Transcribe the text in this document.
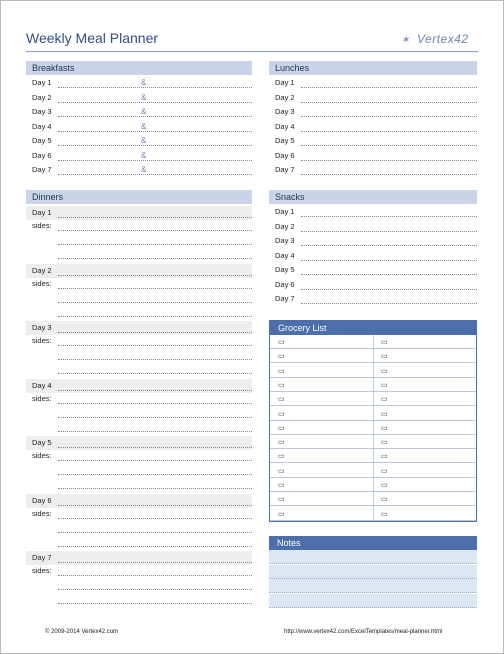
Weekly Meal Planner	✶ Vertex42
Breakfasts
Day 1	&
Day 2	&
Day 3	&
Day 4	&
Day 5	&
Day 6	&
Day 7	&
Lunches
Day 1
Day 2
Day 3
Day 4
Day 5
Day 6
Day 7
Dinners
Day 1
sides:
Day 2
sides:
Day 3
sides:
Day 4
sides:
Day 5
sides:
Day 6
sides:
Day 7
sides:
Snacks
Day 1
Day 2
Day 3
Day 4
Day 5
Day 6
Day 7
Grocery List
▭	▭
▭	▭
▭	▭
▭	▭
▭	▭
▭	▭
▭	▭
▭	▭
▭	▭
▭	▭
▭	▭
▭	▭
▭	▭
Notes
© 2009-2014 Vertex42.com	http://www.vertex42.com/ExcelTemplates/meal-planner.html
